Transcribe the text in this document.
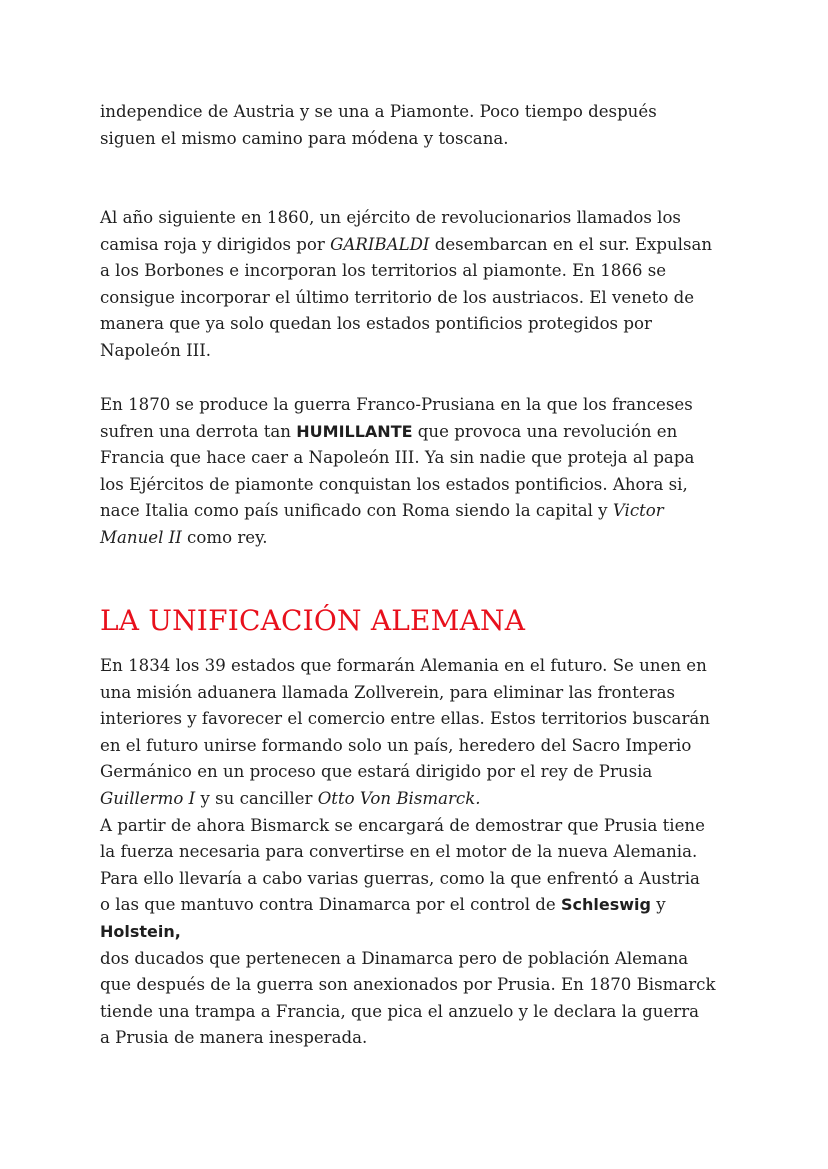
independice de Austria y se una a Piamonte. Poco tiempo después
siguen el mismo camino para módena y toscana.

Al año siguiente en 1860, un ejército de revolucionarios llamados los
camisa roja y dirigidos por GARIBALDI desembarcan en el sur. Expulsan
a los Borbones e incorporan los territorios al piamonte. En 1866 se
consigue incorporar el último territorio de los austriacos. El veneto de
manera que ya solo quedan los estados pontificios protegidos por
Napoleón III.

En 1870 se produce la guerra Franco-Prusiana en la que los franceses
sufren una derrota tan HUMILLANTE que provoca una revolución en
Francia que hace caer a Napoleón III. Ya sin nadie que proteja al papa
los Ejércitos de piamonte conquistan los estados pontificios. Ahora si,
nace Italia como país unificado con Roma siendo la capital y Victor
Manuel II como rey.

LA UNIFICACIÓN ALEMANA

En 1834 los 39 estados que formarán Alemania en el futuro. Se unen en
una misión aduanera llamada Zollverein, para eliminar las fronteras
interiores y favorecer el comercio entre ellas. Estos territorios buscarán
en el futuro unirse formando solo un país, heredero del Sacro Imperio
Germánico en un proceso que estará dirigido por el rey de Prusia
Guillermo I y su canciller Otto Von Bismarck.
A partir de ahora Bismarck se encargará de demostrar que Prusia tiene
la fuerza necesaria para convertirse en el motor de la nueva Alemania.
Para ello llevaría a cabo varias guerras, como la que enfrentó a Austria
o las que mantuvo contra Dinamarca por el control de Schleswig y
Holstein,
dos ducados que pertenecen a Dinamarca pero de población Alemana
que después de la guerra son anexionados por Prusia. En 1870 Bismarck
tiende una trampa a Francia, que pica el anzuelo y le declara la guerra
a Prusia de manera inesperada.
